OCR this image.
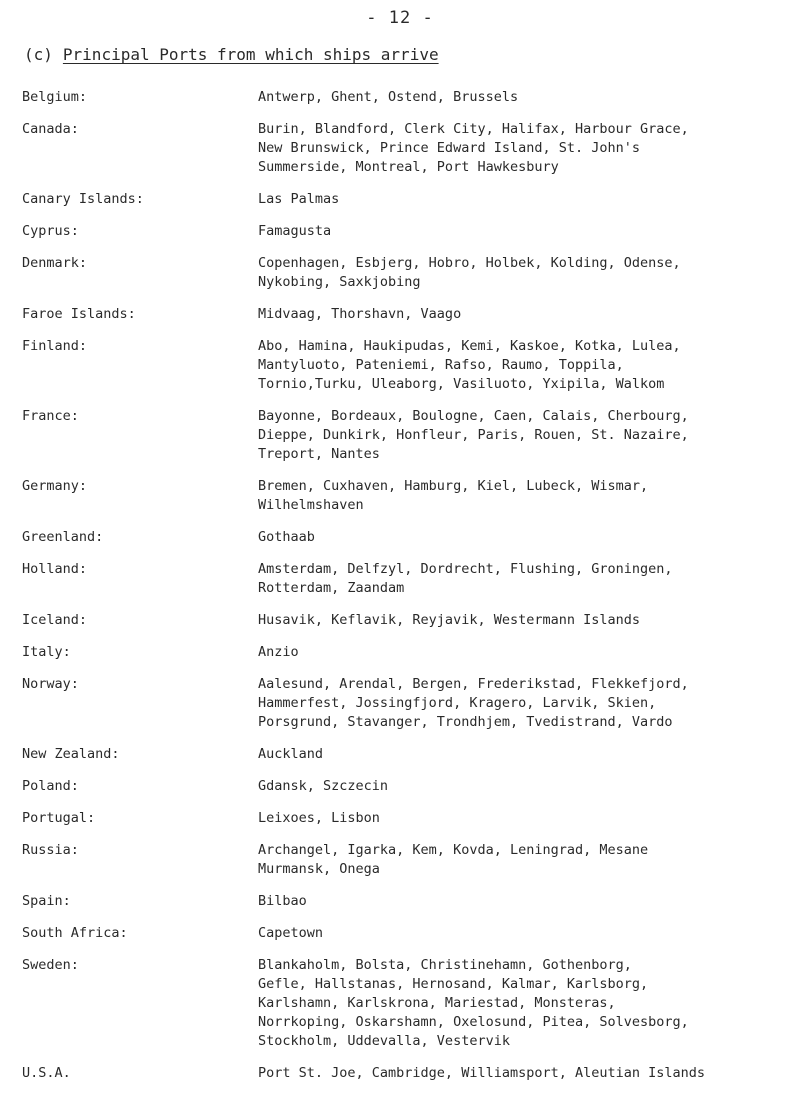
- 12 -
(c) Principal Ports from which ships arrive
Belgium:	Antwerp, Ghent, Ostend, Brussels
Canada:	Burin, Blandford, Clerk City, Halifax, Harbour Grace,
New Brunswick, Prince Edward Island, St. John's
Summerside, Montreal, Port Hawkesbury
Canary Islands:	Las Palmas
Cyprus:	Famagusta
Denmark:	Copenhagen, Esbjerg, Hobro, Holbek, Kolding, Odense,
Nykobing, Saxkjobing
Faroe Islands:	Midvaag, Thorshavn, Vaago
Finland:	Abo, Hamina, Haukipudas, Kemi, Kaskoe, Kotka, Lulea,
Mantyluoto, Pateniemi, Rafso, Raumo, Toppila,
Tornio,Turku, Uleaborg, Vasiluoto, Yxipila, Walkom
France:	Bayonne, Bordeaux, Boulogne, Caen, Calais, Cherbourg,
Dieppe, Dunkirk, Honfleur, Paris, Rouen, St. Nazaire,
Treport, Nantes
Germany:	Bremen, Cuxhaven, Hamburg, Kiel, Lubeck, Wismar,
Wilhelmshaven
Greenland:	Gothaab
Holland:	Amsterdam, Delfzyl, Dordrecht, Flushing, Groningen,
Rotterdam, Zaandam
Iceland:	Husavik, Keflavik, Reyjavik, Westermann Islands
Italy:	Anzio
Norway:	Aalesund, Arendal, Bergen, Frederikstad, Flekkefjord,
Hammerfest, Jossingfjord, Kragero, Larvik, Skien,
Porsgrund, Stavanger, Trondhjem, Tvedistrand, Vardo
New Zealand:	Auckland
Poland:	Gdansk, Szczecin
Portugal:	Leixoes, Lisbon
Russia:	Archangel, Igarka, Kem, Kovda, Leningrad, Mesane
Murmansk, Onega
Spain:	Bilbao
South Africa:	Capetown
Sweden:	Blankaholm, Bolsta, Christinehamn, Gothenborg,
Gefle, Hallstanas, Hernosand, Kalmar, Karlsborg,
Karlshamn, Karlskrona, Mariestad, Monsteras,
Norrkoping, Oskarshamn, Oxelosund, Pitea, Solvesborg,
Stockholm, Uddevalla, Vestervik
U.S.A.	Port St. Joe, Cambridge, Williamsport, Aleutian Islands
